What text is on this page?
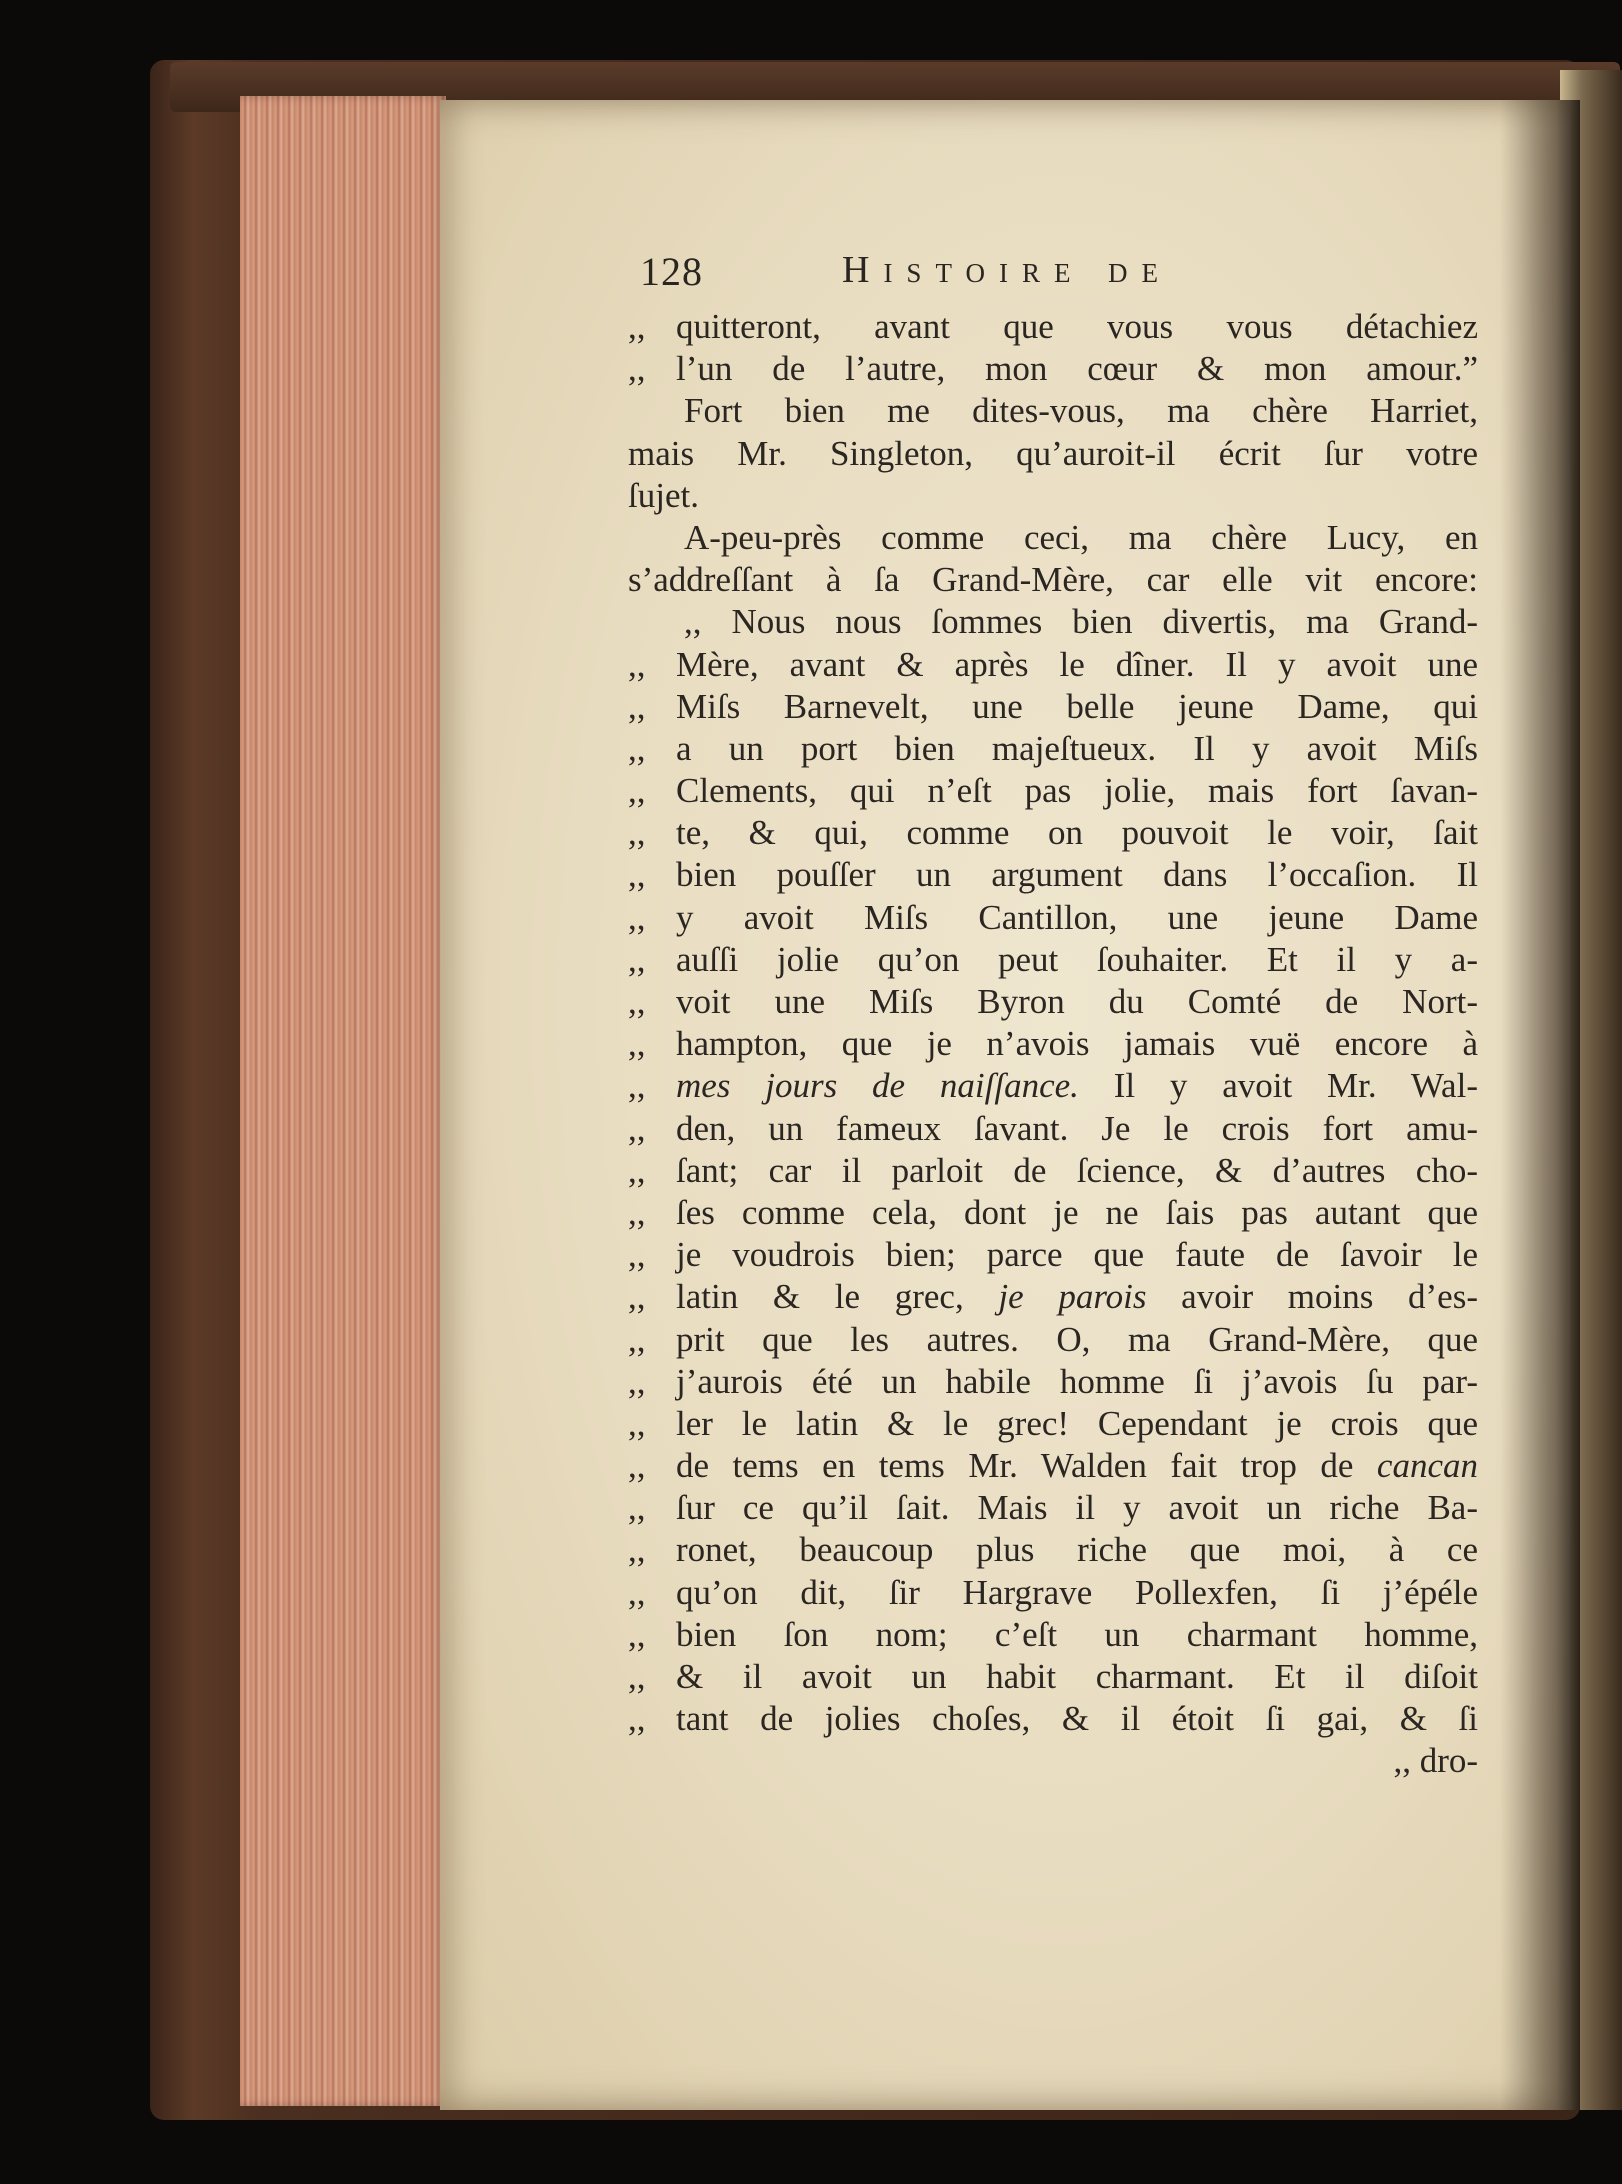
128	Histoire de
,, quitteront, avant que vous vous détachiez
,, l’un de l’autre, mon cœur & mon amour.”
Fort bien me dites-vous, ma chère Harriet,
mais Mr. Singleton, qu’auroit-il écrit ſur votre
ſujet.
A-peu-près comme ceci, ma chère Lucy, en
s’addreſſant à ſa Grand-Mère, car elle vit encore:
,, Nous nous ſommes bien divertis, ma Grand-
,, Mère, avant & après le dîner. Il y avoit une
,, Miſs Barnevelt, une belle jeune Dame, qui
,, a un port bien majeſtueux. Il y avoit Miſs
,, Clements, qui n’eſt pas jolie, mais fort ſavan-
,, te, & qui, comme on pouvoit le voir, ſait
,, bien pouſſer un argument dans l’occaſion. Il
,, y avoit Miſs Cantillon, une jeune Dame
,, auſſi jolie qu’on peut ſouhaiter. Et il y a-
,, voit une Miſs Byron du Comté de Nort-
,, hampton, que je n’avois jamais vuë encore à
,, mes jours de naiſſance. Il y avoit Mr. Wal-
,, den, un fameux ſavant. Je le crois fort amu-
,, ſant; car il parloit de ſcience, & d’autres cho-
,, ſes comme cela, dont je ne ſais pas autant que
,, je voudrois bien; parce que faute de ſavoir le
,, latin & le grec, je parois avoir moins d’es-
,, prit que les autres. O, ma Grand-Mère, que
,, j’aurois été un habile homme ſi j’avois ſu par-
,, ler le latin & le grec! Cependant je crois que
,, de tems en tems Mr. Walden fait trop de cancan
,, ſur ce qu’il ſait. Mais il y avoit un riche Ba-
,, ronet, beaucoup plus riche que moi, à ce
,, qu’on dit, ſir Hargrave Pollexfen, ſi j’épéle
,, bien ſon nom; c’eſt un charmant homme,
,, & il avoit un habit charmant. Et il diſoit
,, tant de jolies choſes, & il étoit ſi gai, & ſi
,, dro-
